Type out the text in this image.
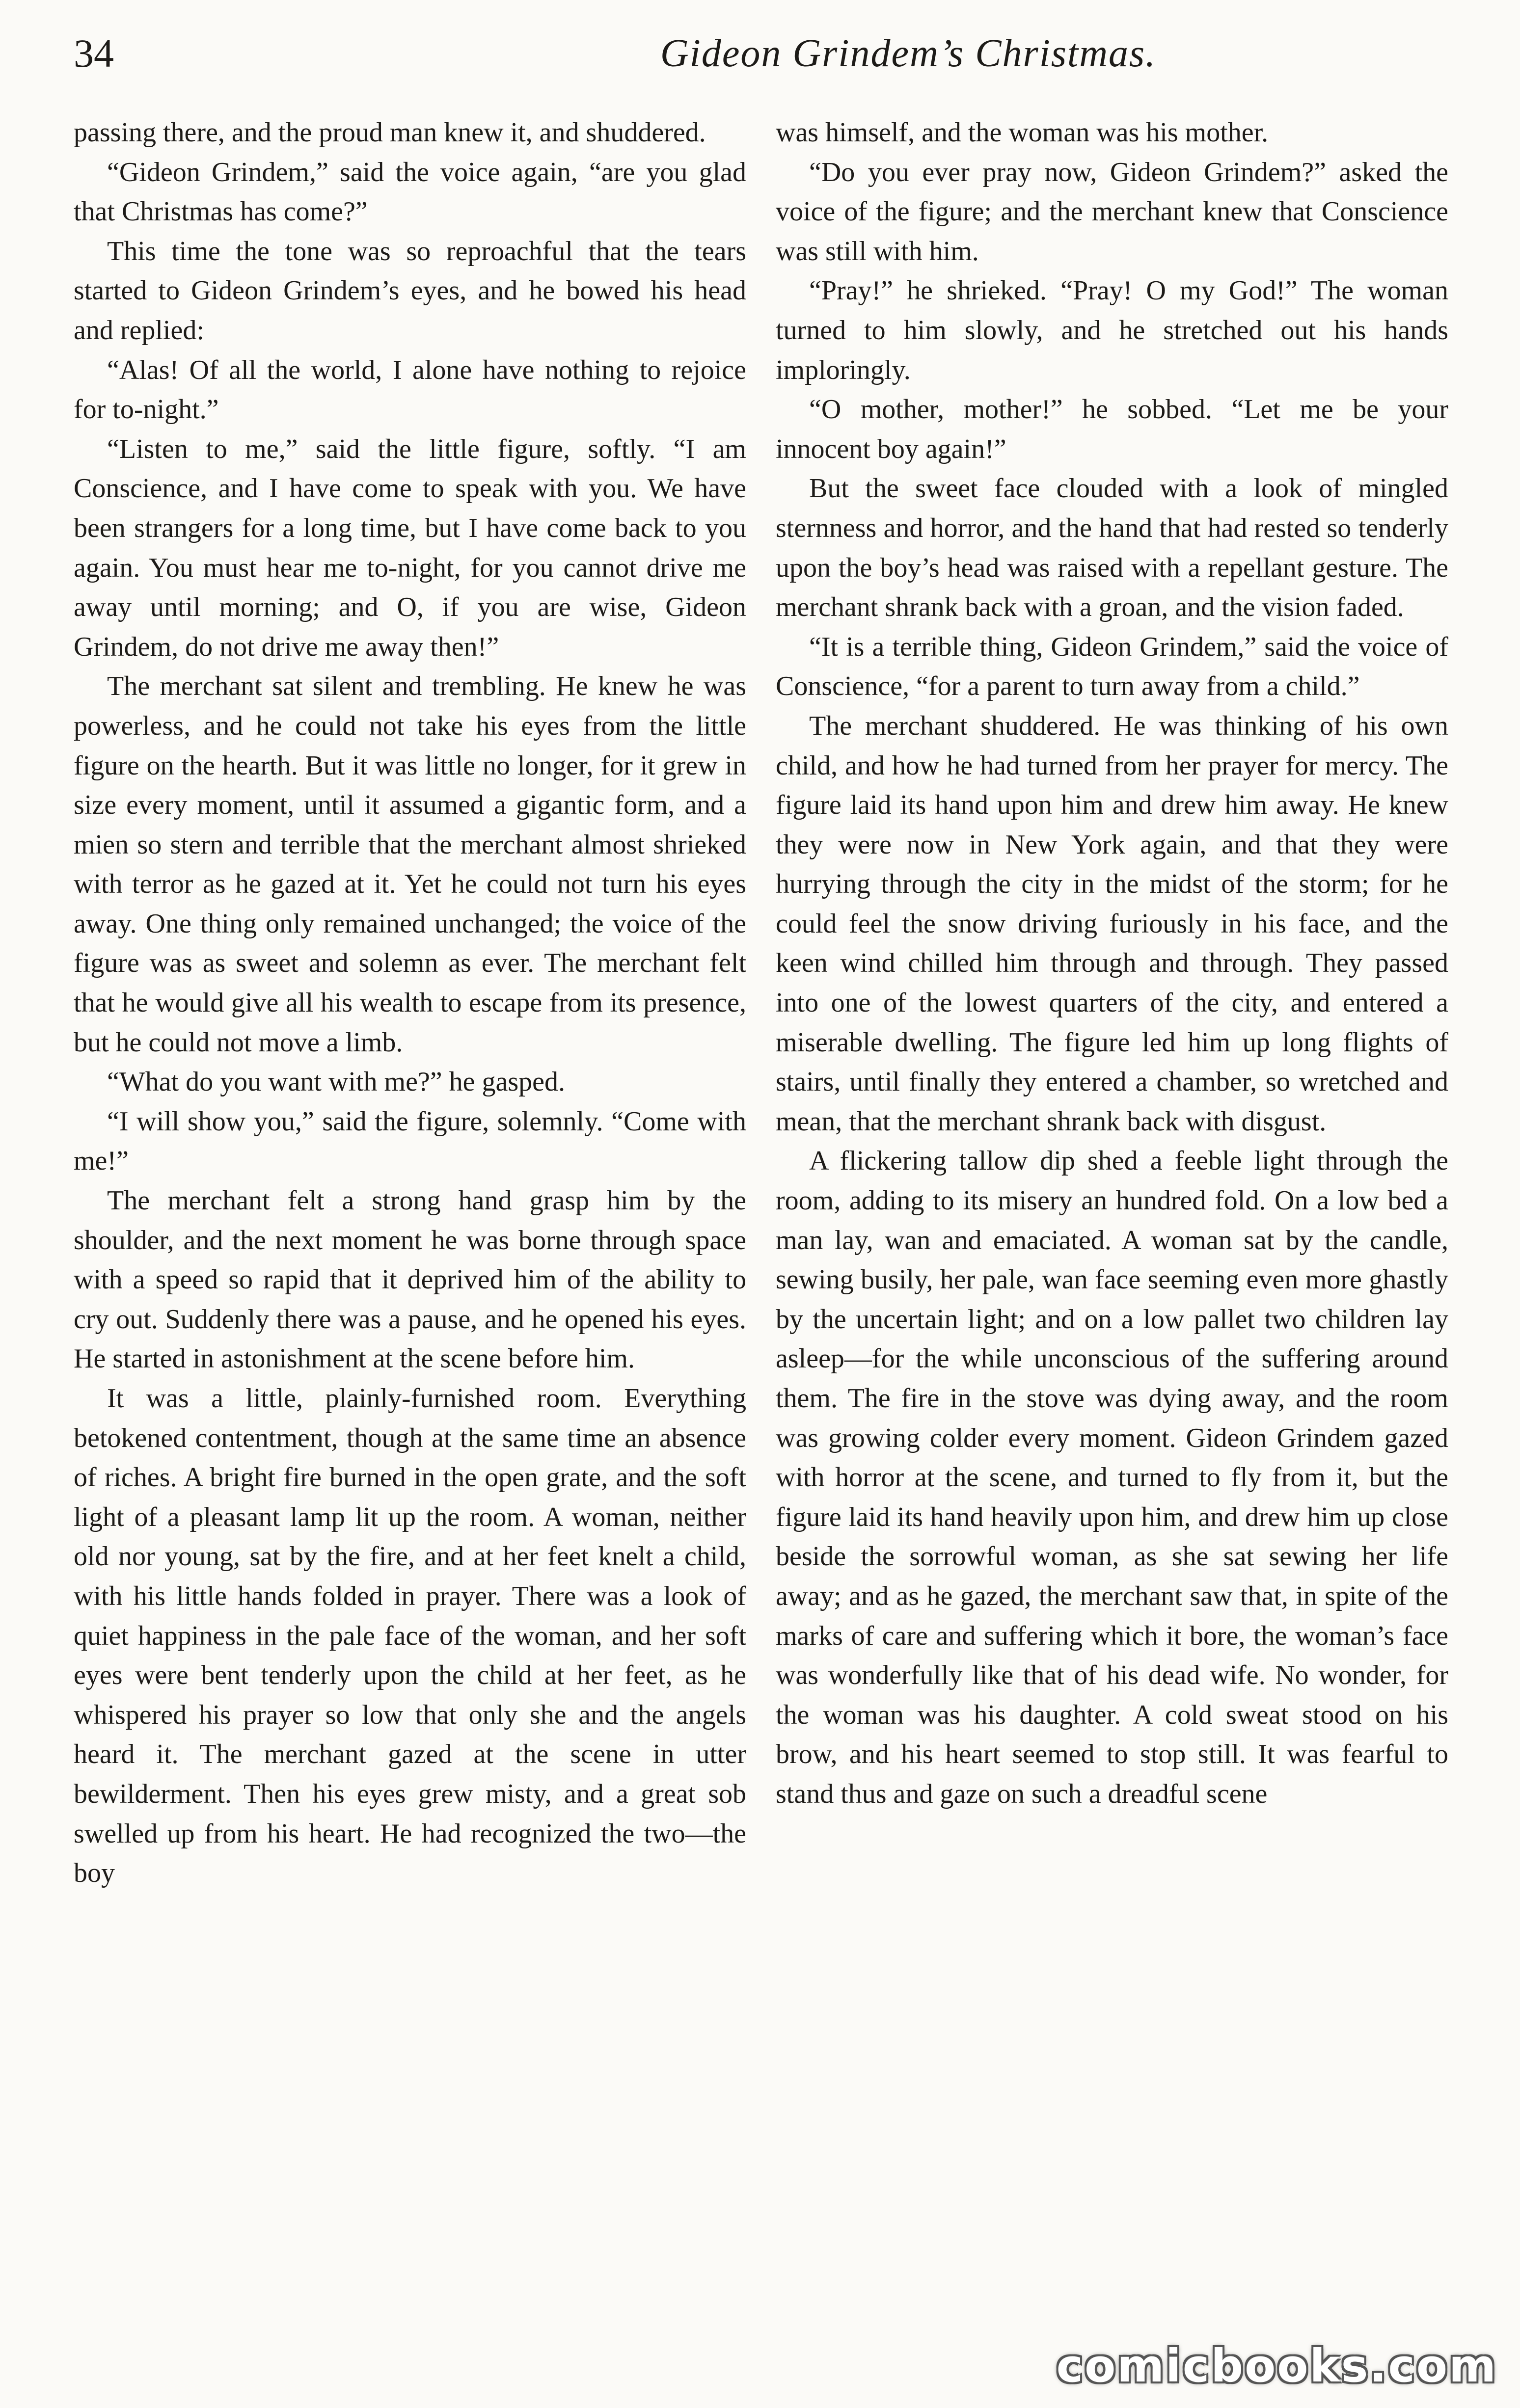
34	Gideon Grindem’s Christmas.

passing there, and the proud man knew it, and shuddered.

“Gideon Grindem,” said the voice again, “are you glad that Christmas has come?”

This time the tone was so reproachful that the tears started to Gideon Grindem’s eyes, and he bowed his head and replied:

“Alas! Of all the world, I alone have nothing to rejoice for to-night.”

“Listen to me,” said the little figure, softly. “I am Conscience, and I have come to speak with you. We have been strangers for a long time, but I have come back to you again. You must hear me to-night, for you cannot drive me away until morning; and O, if you are wise, Gideon Grindem, do not drive me away then!”

The merchant sat silent and trembling. He knew he was powerless, and he could not take his eyes from the little figure on the hearth. But it was little no longer, for it grew in size every moment, until it assumed a gigantic form, and a mien so stern and terrible that the merchant almost shrieked with terror as he gazed at it. Yet he could not turn his eyes away. One thing only remained unchanged; the voice of the figure was as sweet and solemn as ever. The merchant felt that he would give all his wealth to escape from its presence, but he could not move a limb.

“What do you want with me?” he gasped.

“I will show you,” said the figure, solemnly. “Come with me!”

The merchant felt a strong hand grasp him by the shoulder, and the next moment he was borne through space with a speed so rapid that it deprived him of the ability to cry out. Suddenly there was a pause, and he opened his eyes. He started in astonishment at the scene before him.

It was a little, plainly-furnished room. Everything betokened contentment, though at the same time an absence of riches. A bright fire burned in the open grate, and the soft light of a pleasant lamp lit up the room. A woman, neither old nor young, sat by the fire, and at her feet knelt a child, with his little hands folded in prayer. There was a look of quiet happiness in the pale face of the woman, and her soft eyes were bent tenderly upon the child at her feet, as he whispered his prayer so low that only she and the angels heard it. The merchant gazed at the scene in utter bewilderment. Then his eyes grew misty, and a great sob swelled up from his heart. He had recognized the two—the boy

was himself, and the woman was his mother.

“Do you ever pray now, Gideon Grindem?” asked the voice of the figure; and the merchant knew that Conscience was still with him.

“Pray!” he shrieked. “Pray! O my God!” The woman turned to him slowly, and he stretched out his hands imploringly.

“O mother, mother!” he sobbed. “Let me be your innocent boy again!”

But the sweet face clouded with a look of mingled sternness and horror, and the hand that had rested so tenderly upon the boy’s head was raised with a repellant gesture. The merchant shrank back with a groan, and the vision faded.

“It is a terrible thing, Gideon Grindem,” said the voice of Conscience, “for a parent to turn away from a child.”

The merchant shuddered. He was thinking of his own child, and how he had turned from her prayer for mercy. The figure laid its hand upon him and drew him away. He knew they were now in New York again, and that they were hurrying through the city in the midst of the storm; for he could feel the snow driving furiously in his face, and the keen wind chilled him through and through. They passed into one of the lowest quarters of the city, and entered a miserable dwelling. The figure led him up long flights of stairs, until finally they entered a chamber, so wretched and mean, that the merchant shrank back with disgust.

A flickering tallow dip shed a feeble light through the room, adding to its misery an hundred fold. On a low bed a man lay, wan and emaciated. A woman sat by the candle, sewing busily, her pale, wan face seeming even more ghastly by the uncertain light; and on a low pallet two children lay asleep—for the while unconscious of the suffering around them. The fire in the stove was dying away, and the room was growing colder every moment. Gideon Grindem gazed with horror at the scene, and turned to fly from it, but the figure laid its hand heavily upon him, and drew him up close beside the sorrowful woman, as she sat sewing her life away; and as he gazed, the merchant saw that, in spite of the marks of care and suffering which it bore, the woman’s face was wonderfully like that of his dead wife. No wonder, for the woman was his daughter. A cold sweat stood on his brow, and his heart seemed to stop still. It was fearful to stand thus and gaze on such a dreadful scene

comicbooks.com
